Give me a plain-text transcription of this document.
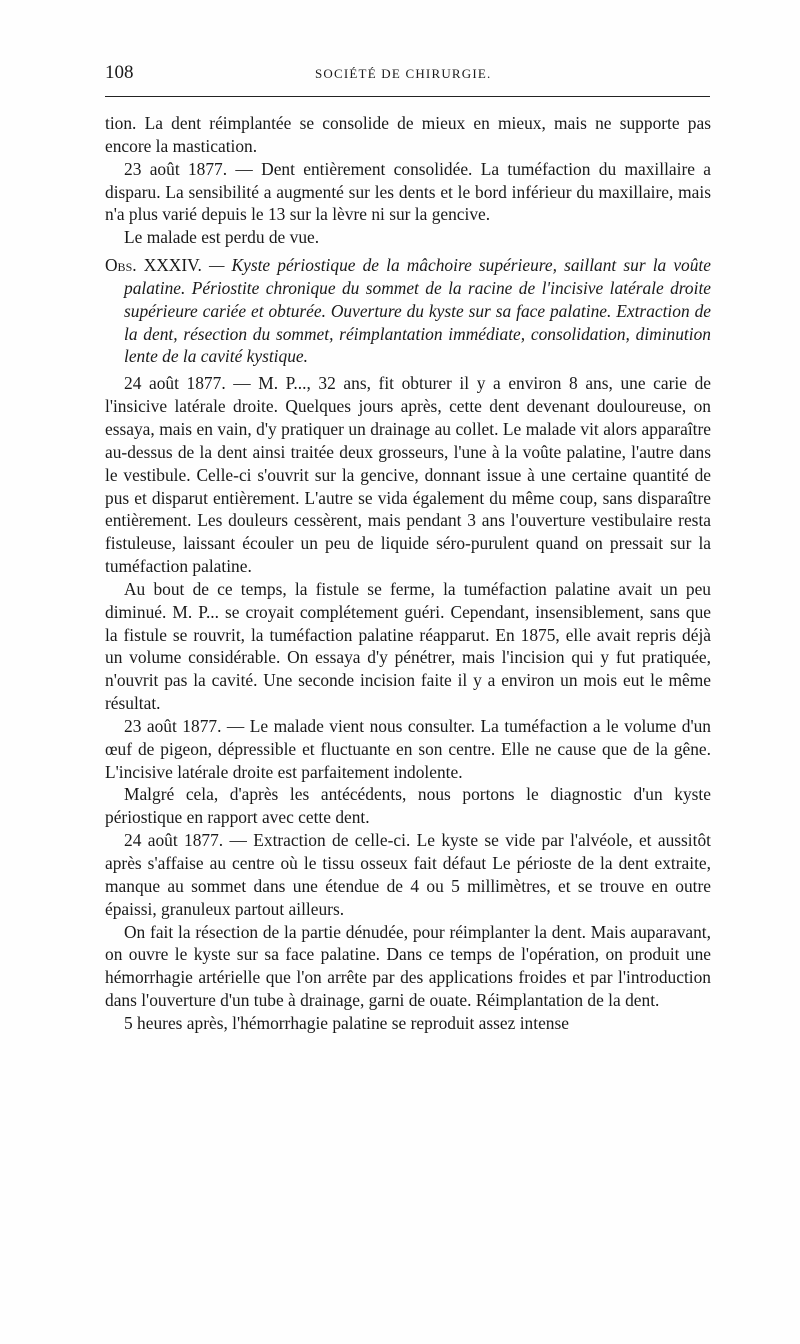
108	SOCIÉTÉ DE CHIRURGIE.

tion. La dent réimplantée se consolide de mieux en mieux, mais ne supporte pas encore la mastication.

23 août 1877. — Dent entièrement consolidée. La tuméfaction du maxillaire a disparu. La sensibilité a augmenté sur les dents et le bord inférieur du maxillaire, mais n'a plus varié depuis le 13 sur la lèvre ni sur la gencive.

Le malade est perdu de vue.

Obs. XXXIV. — Kyste périostique de la mâchoire supérieure, saillant sur la voûte palatine. Périostite chronique du sommet de la racine de l'incisive latérale droite supérieure cariée et obturée. Ouverture du kyste sur sa face palatine. Extraction de la dent, résection du sommet, réimplantation immédiate, consolidation, diminution lente de la cavité kystique.

24 août 1877. — M. P..., 32 ans, fit obturer il y a environ 8 ans, une carie de l'insicive latérale droite. Quelques jours après, cette dent devenant douloureuse, on essaya, mais en vain, d'y pratiquer un drainage au collet. Le malade vit alors apparaître au-dessus de la dent ainsi traitée deux grosseurs, l'une à la voûte palatine, l'autre dans le vestibule. Celle-ci s'ouvrit sur la gencive, donnant issue à une certaine quantité de pus et disparut entièrement. L'autre se vida également du même coup, sans disparaître entièrement. Les douleurs cessèrent, mais pendant 3 ans l'ouverture vestibulaire resta fistuleuse, laissant écouler un peu de liquide séro-purulent quand on pressait sur la tuméfaction palatine.

Au bout de ce temps, la fistule se ferme, la tuméfaction palatine avait un peu diminué. M. P... se croyait complétement guéri. Cependant, insensiblement, sans que la fistule se rouvrit, la tuméfaction palatine réapparut. En 1875, elle avait repris déjà un volume considérable. On essaya d'y pénétrer, mais l'incision qui y fut pratiquée, n'ouvrit pas la cavité. Une seconde incision faite il y a environ un mois eut le même résultat.

23 août 1877. — Le malade vient nous consulter. La tuméfaction a le volume d'un œuf de pigeon, dépressible et fluctuante en son centre. Elle ne cause que de la gêne. L'incisive latérale droite est parfaitement indolente.

Malgré cela, d'après les antécédents, nous portons le diagnostic d'un kyste périostique en rapport avec cette dent.

24 août 1877. — Extraction de celle-ci. Le kyste se vide par l'alvéole, et aussitôt après s'affaise au centre où le tissu osseux fait défaut Le périoste de la dent extraite, manque au sommet dans une étendue de 4 ou 5 millimètres, et se trouve en outre épaissi, granuleux partout ailleurs.

On fait la résection de la partie dénudée, pour réimplanter la dent. Mais auparavant, on ouvre le kyste sur sa face palatine. Dans ce temps de l'opération, on produit une hémorrhagie artérielle que l'on arrête par des applications froides et par l'introduction dans l'ouverture d'un tube à drainage, garni de ouate. Réimplantation de la dent.

5 heures après, l'hémorrhagie palatine se reproduit assez intense
